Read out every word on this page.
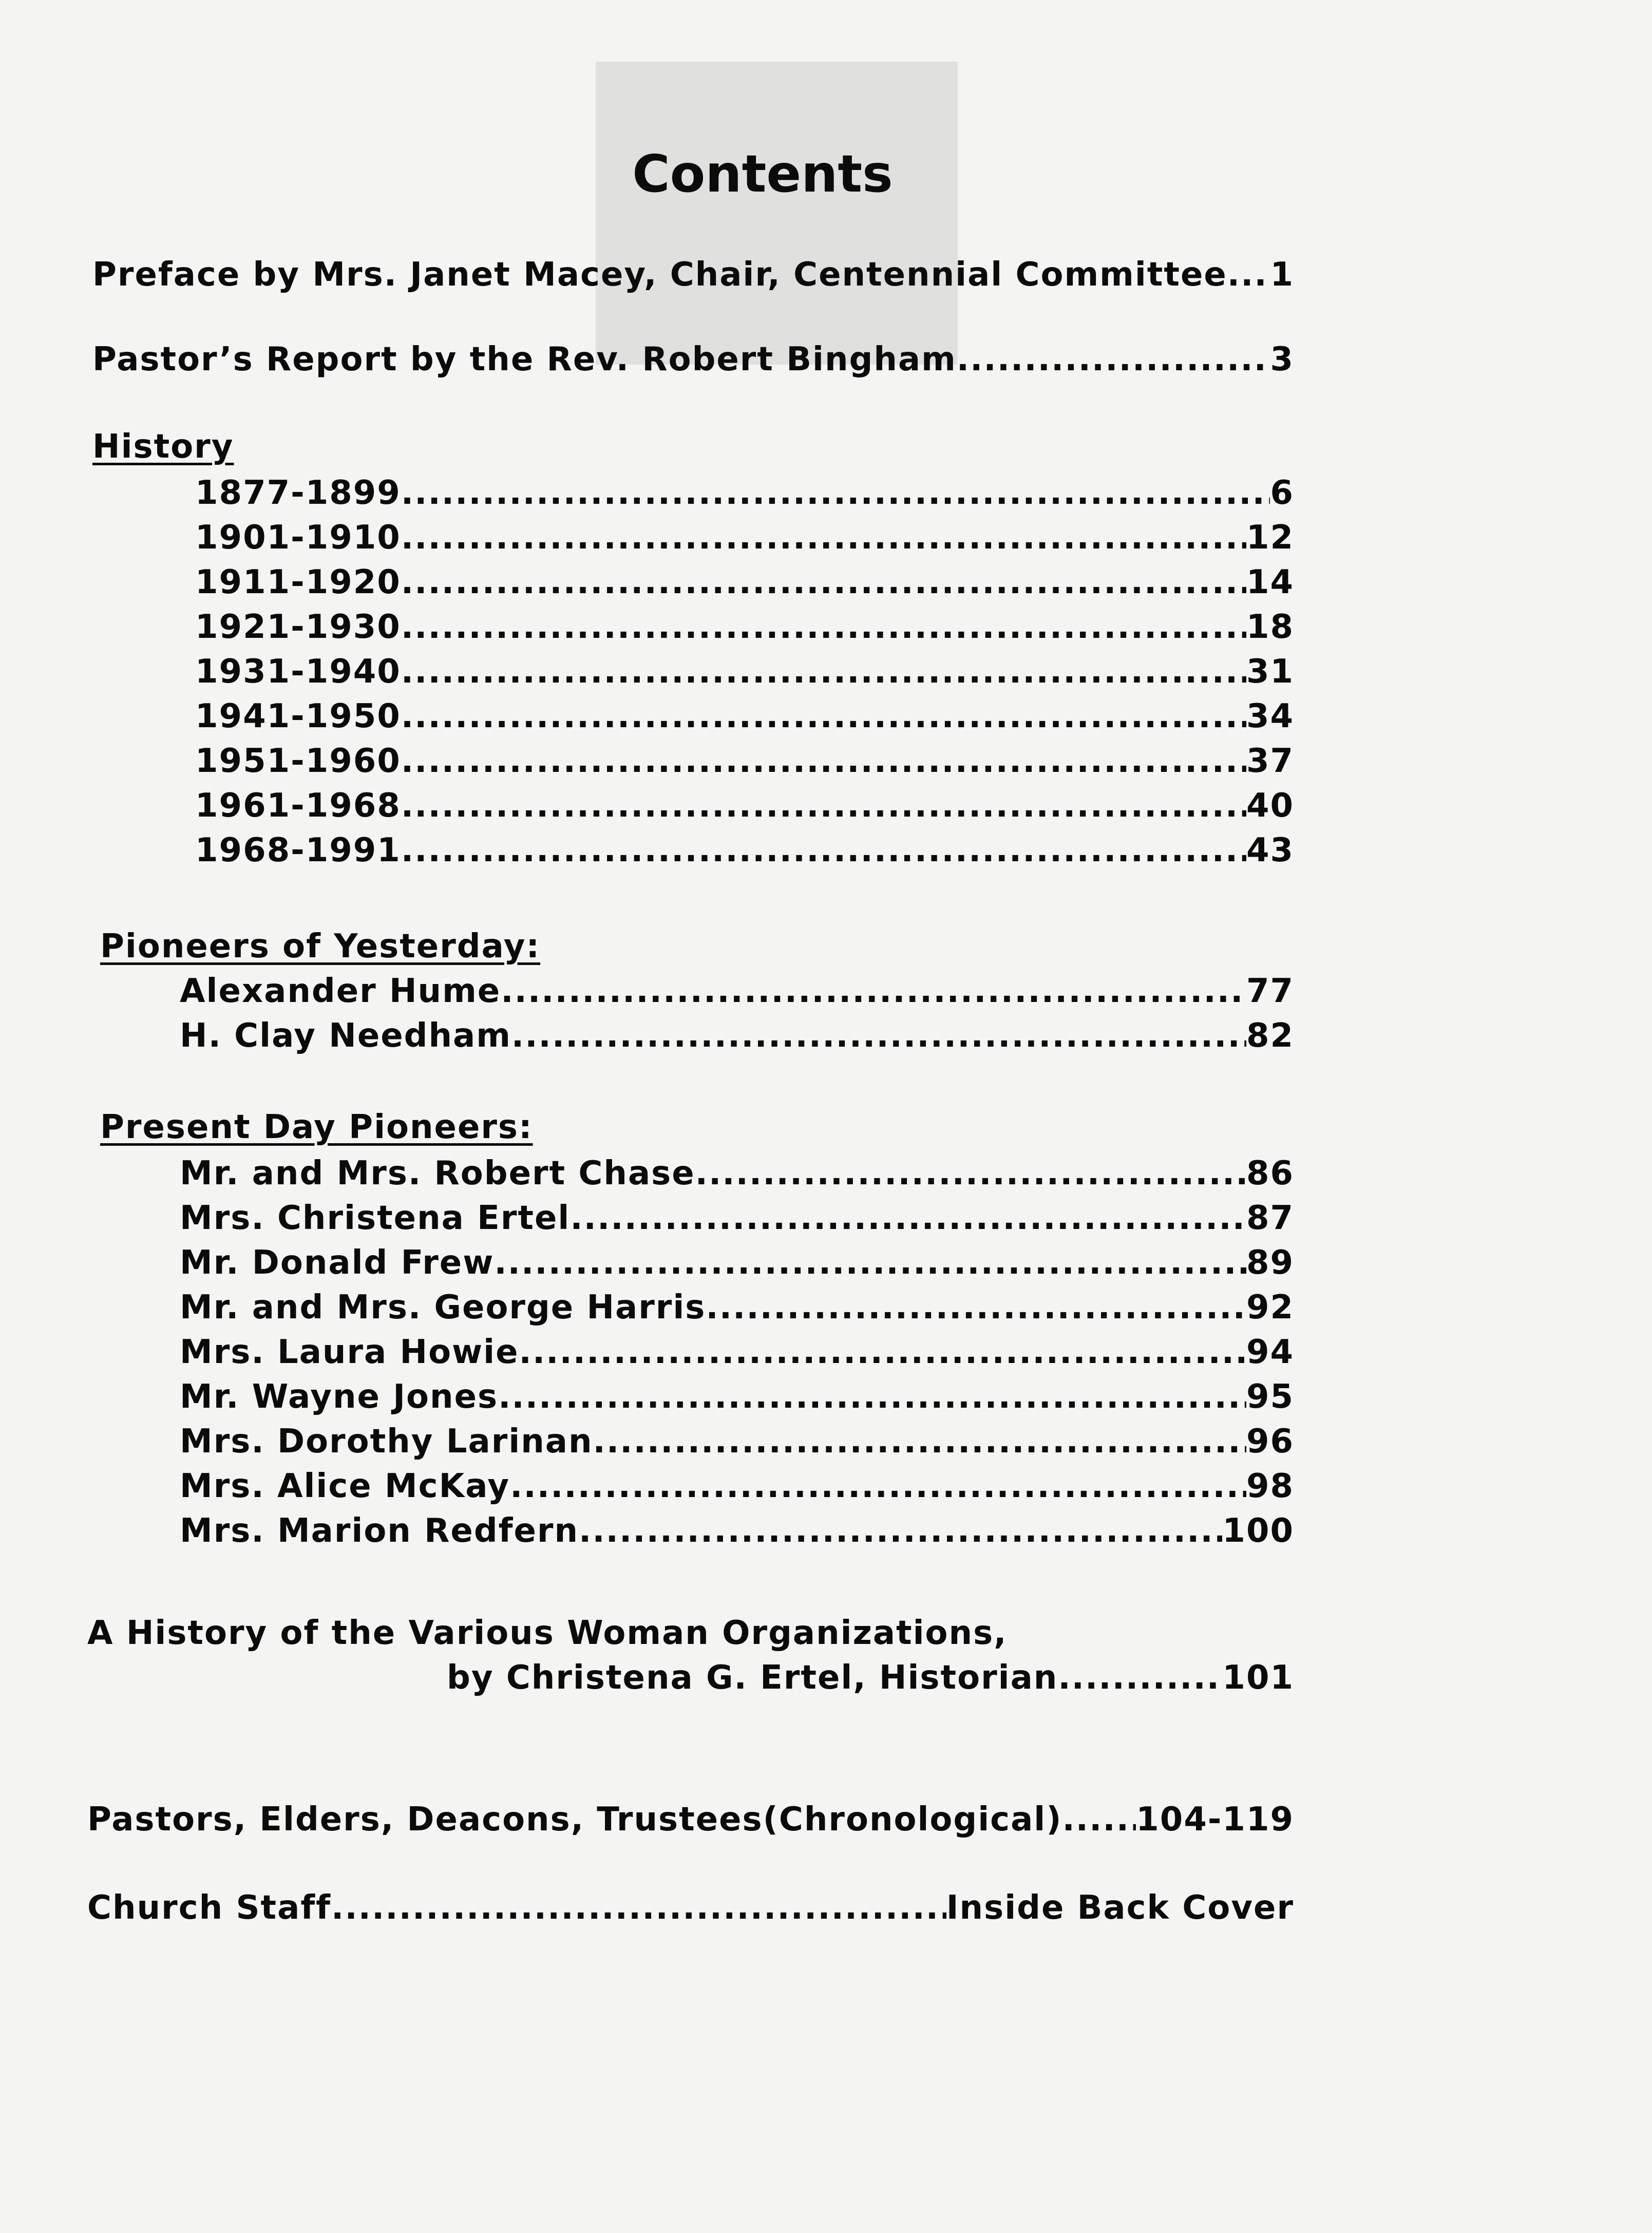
Contents
Preface by Mrs. Janet Macey, Chair, Centennial Committee ..... 1
Pastor’s Report by the Rev. Robert Bingham .....	3
History
1877-1899 .....	6
1901-1910 .....	12
1911-1920 .....	14
1921-1930 .....	18
1931-1940 .....	31
1941-1950 .....	34
1951-1960 .....	37
1961-1968 .....	40
1968-1991 .....	43
Pioneers of Yesterday:
Alexander Hume .....	77
H. Clay Needham .....	82
Present Day Pioneers:
Mr. and Mrs. Robert Chase .....	86
Mrs. Christena Ertel .....	87
Mr. Donald Frew .....	89
Mr. and Mrs. George Harris .....	92
Mrs. Laura Howie .....	94
Mr. Wayne Jones .....	95
Mrs. Dorothy Larinan .....	96
Mrs. Alice McKay .....	98
Mrs. Marion Redfern .....	100
A History of the Various Woman Organizations,
by Christena G. Ertel, Historian .....	101
Pastors, Elders, Deacons, Trustees(Chronological) ..... 104-119
Church Staff .....	Inside Back Cover
